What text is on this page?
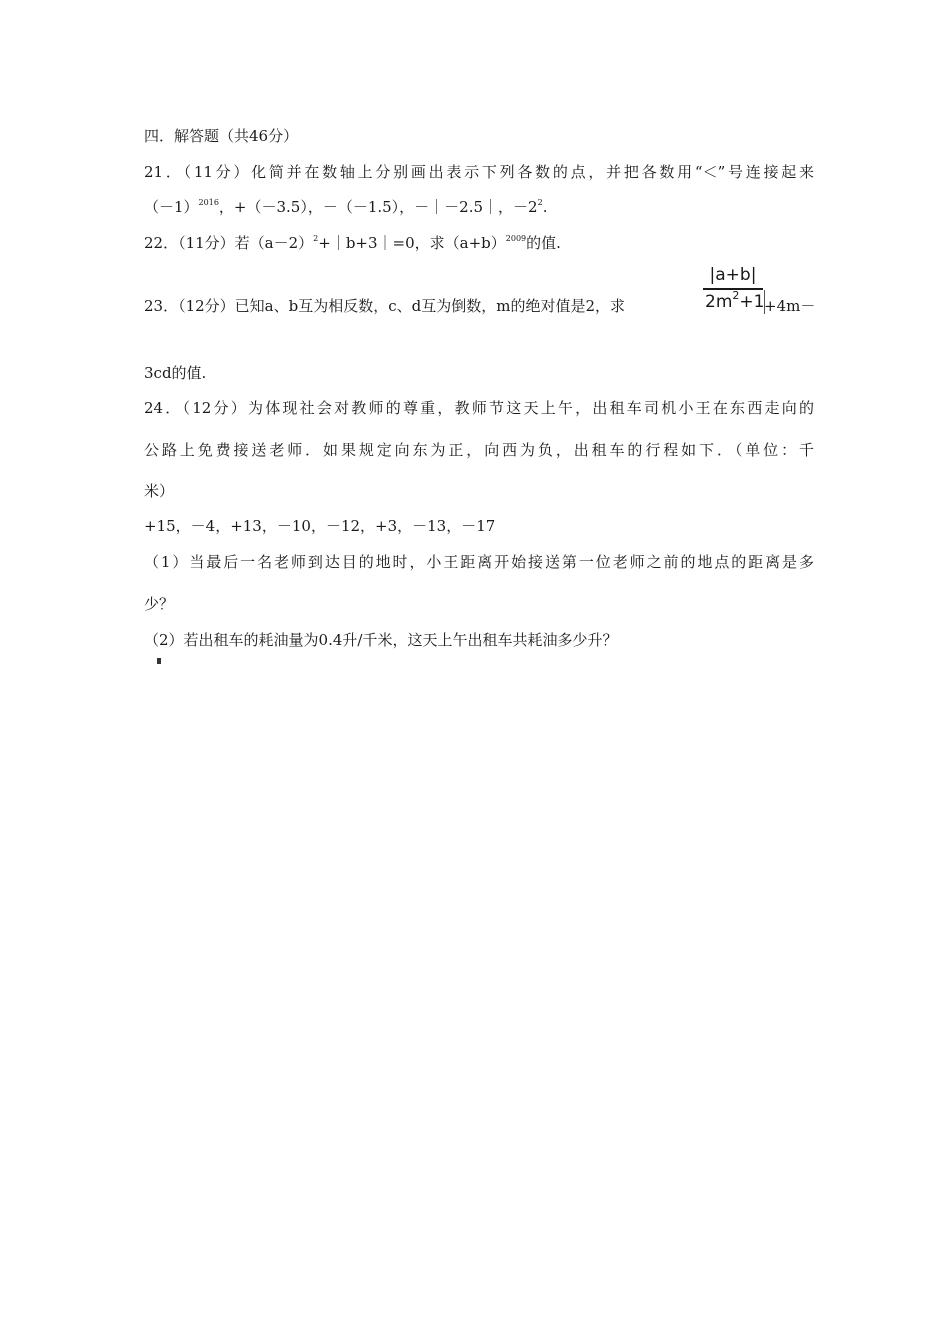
四．解答题（共46分）
21．（11分）化简并在数轴上分别画出表示下列各数的点，并把各数用“＜”号连接起来
$(-1)^{2016}$，+（－3.5），－（－1.5），－｜－2.5｜，$-2^2$.
22．（11分）若$(a-2)^2+|b+3|=0$，求$(a+b)^{2009}$的值.
23．（12分）已知a、b互为相反数，c、d互为倒数，m的绝对值是2，求
|a+b|
$2m^2+1 +4m-$
3cd的值.
24．（12分）为体现社会对教师的尊重，教师节这天上午，出租车司机小王在东西走向的
公路上免费接送老师．如果规定向东为正，向西为负，出租车的行程如下．（单位：千
米）
+15，－4，+13，－10，－12，+3，－13，－17
（1）当最后一名老师到达目的地时，小王距离开始接送第一位老师之前的地点的距离是多
少？
（2）若出租车的耗油量为0.4升/千米，这天上午出租车共耗油多少升？
